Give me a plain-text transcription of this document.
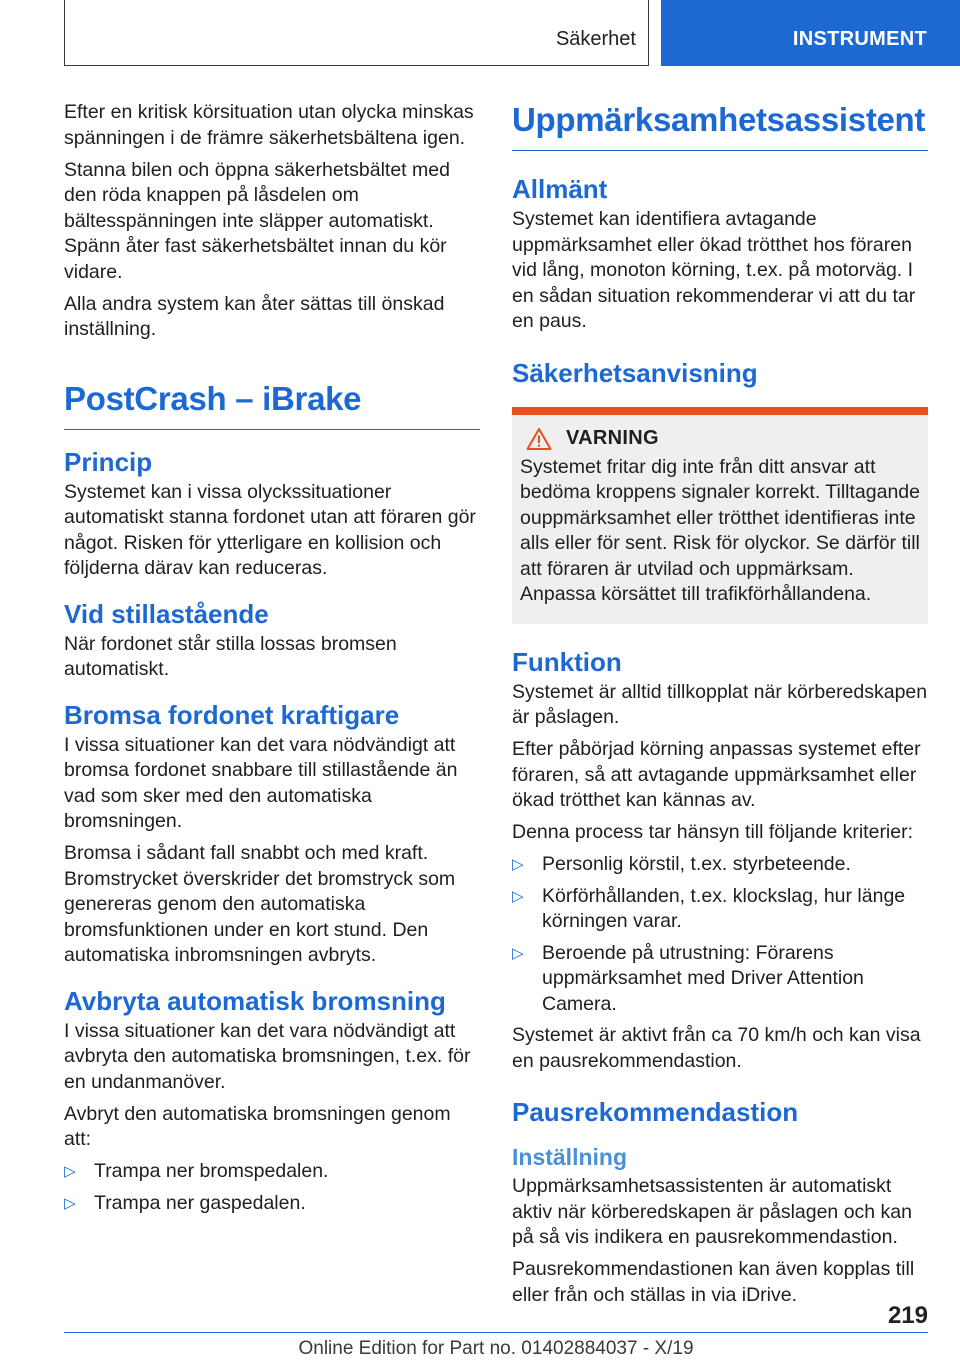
Säkerhet	INSTRUMENT

Efter en kritisk körsituation utan olycka minskas spänningen i de främre säkerhetsbältena igen.

Stanna bilen och öppna säkerhetsbältet med den röda knappen på låsdelen om bältesspänningen inte släpper automatiskt. Spänn åter fast säkerhetsbältet innan du kör vidare.

Alla andra system kan åter sättas till önskad inställning.

PostCrash – iBrake
Princip

Systemet kan i vissa olyckssituationer automatiskt stanna fordonet utan att föraren gör något. Risken för ytterligare en kollision och följderna därav kan reduceras.

Vid stillastående

När fordonet står stilla lossas bromsen automatiskt.

Bromsa fordonet kraftigare

I vissa situationer kan det vara nödvändigt att bromsa fordonet snabbare till stillastående än vad som sker med den automatiska bromsningen.

Bromsa i sådant fall snabbt och med kraft. Bromstrycket överskrider det bromstryck som genereras genom den automatiska bromsfunktionen under en kort stund. Den automatiska inbromsningen avbryts.

Avbryta automatisk bromsning

I vissa situationer kan det vara nödvändigt att avbryta den automatiska bromsningen, t.ex. för en undanmanöver.

Avbryt den automatiska bromsningen genom att:

▷ Trampa ner bromspedalen.
▷ Trampa ner gaspedalen.
Uppmärksamhetsassistent
Allmänt

Systemet kan identifiera avtagande uppmärksamhet eller ökad trötthet hos föraren vid lång, monoton körning, t.ex. på motorväg. I en sådan situation rekommenderar vi att du tar en paus.

Säkerhetsanvisning
VARNING

Systemet fritar dig inte från ditt ansvar att bedöma kroppens signaler korrekt. Tilltagande ouppmärksamhet eller trötthet identifieras inte alls eller för sent. Risk för olyckor. Se därför till att föraren är utvilad och uppmärksam. Anpassa körsättet till trafikförhållandena.

Funktion

Systemet är alltid tillkopplat när körberedskapen är påslagen.

Efter påbörjad körning anpassas systemet efter föraren, så att avtagande uppmärksamhet eller ökad trötthet kan kännas av.

Denna process tar hänsyn till följande kriterier:

▷ Personlig körstil, t.ex. styrbeteende.
▷ Körförhållanden, t.ex. klockslag, hur länge körningen varar.
▷ Beroende på utrustning: Förarens uppmärksamhet med Driver Attention Camera.

Systemet är aktivt från ca 70 km/h och kan visa en pausrekommendastion.

Pausrekommendastion
Inställning

Uppmärksamhetsassistenten är automatiskt aktiv när körberedskapen är påslagen och kan på så vis indikera en pausrekommendastion.

Pausrekommendastionen kan även kopplas till eller från och ställas in via iDrive.

219
Online Edition for Part no. 01402884037 - X/19
